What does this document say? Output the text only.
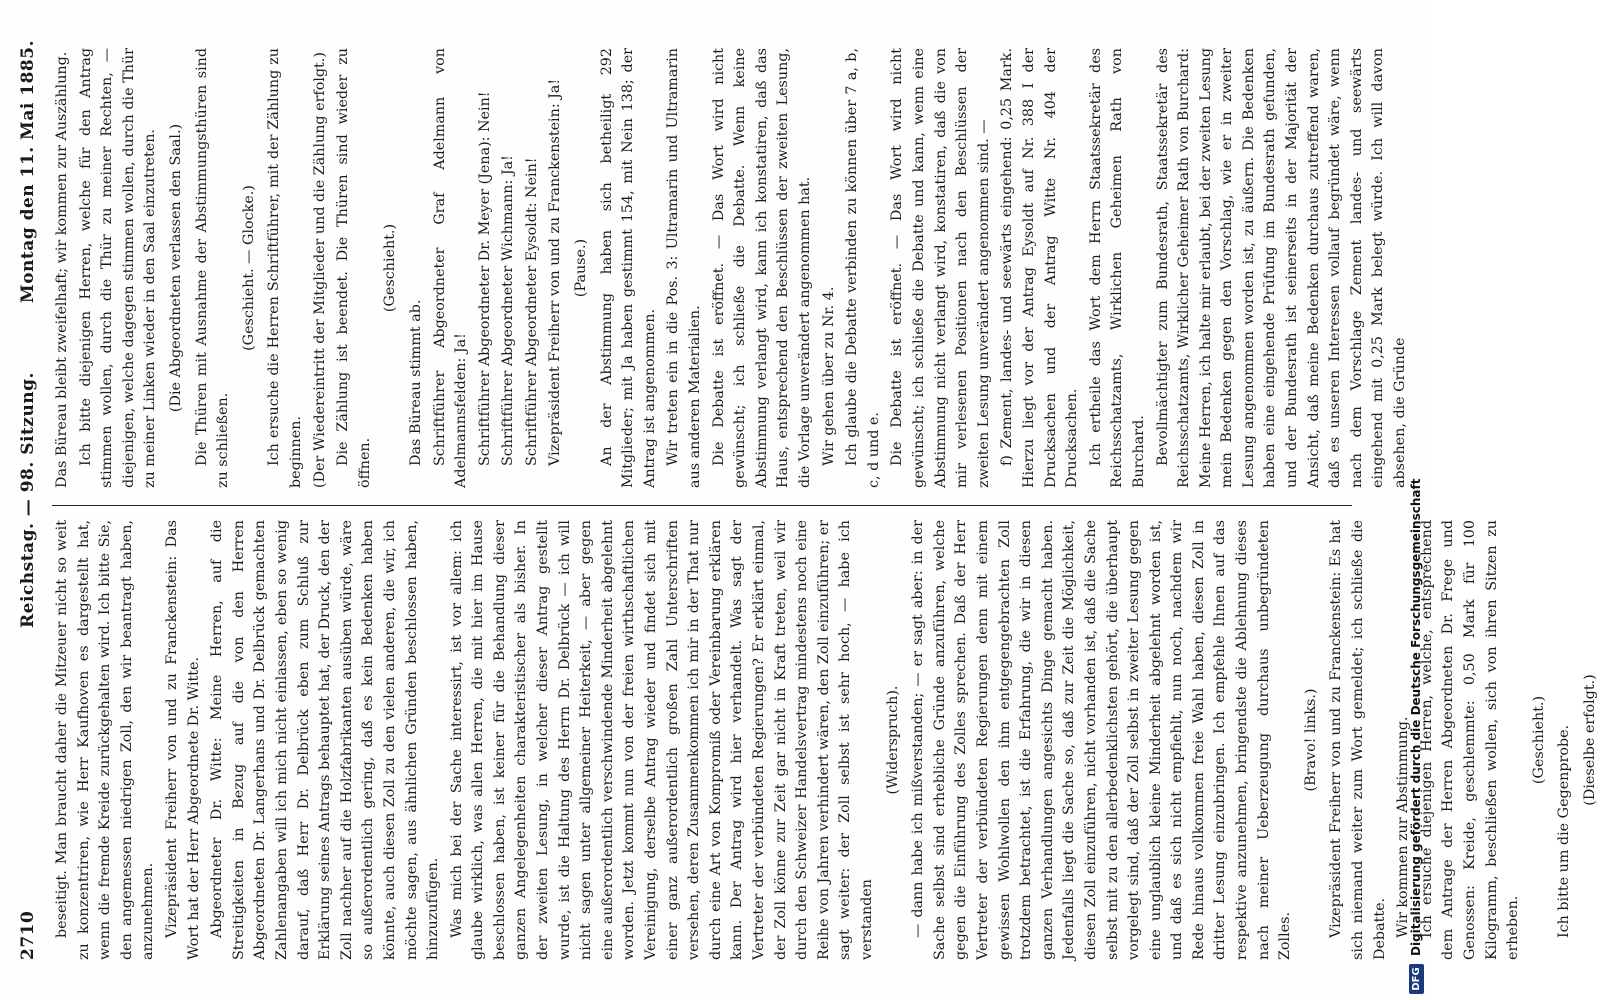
2710
Reichstag. — 98. Sitzung.
Montag den 11. Mai 1885.

beseitigt. Man braucht daher die Mitzeuer nicht so weit zu konzentriren, wie Herr Kaufhoven es dargestellt hat, wenn die fremde Kreide zurückgehalten wird. Ich bitte Sie, den angemessen niedrigen Zoll, den wir beantragt haben, anzunehmen. Vizepräsident Freiherr von und zu Franckenstein: Das Wort hat der Herr Abgeordnete Dr. Witte. Abgeordneter Dr. Witte: Meine Herren, auf die Streitigkeiten in Bezug auf die von den Herren Abgeordneten Dr. Langerhans und Dr. Delbrück gemachten Zahlenangaben will ich mich nicht einlassen, eben so wenig darauf, daß Herr Dr. Delbrück eben zum Schluß zur Erklärung seines Antrags behauptet hat, der Druck, den der Zoll nachher auf die Holzfabrikanten ausüben würde, wäre so außerordentlich gering, daß es kein Bedenken haben könnte, auch diesen Zoll zu den vielen anderen, die wir, ich möchte sagen, aus ähnlichen Gründen beschlossen haben, hinzuzufügen. Was mich bei der Sache interessirt, ist vor allem: ich glaube wirklich, was allen Herren, die mit hier im Hause beschlossen haben, ist keiner für die Behandlung dieser ganzen Angelegenheiten charakteristischer als bisher. In der zweiten Lesung, in welcher dieser Antrag gestellt wurde, ist die Haltung des Herrn Dr. Delbrück — ich will nicht sagen unter allgemeiner Heiterkeit, — aber gegen eine außerordentlich verschwindende Minderheit abgelehnt worden. Jetzt kommt nun von der freien wirthschaftlichen Vereinigung, derselbe Antrag wieder und findet sich mit einer ganz außerordentlich großen Zahl Unterschriften versehen, deren Zusammenkommen ich mir in der That nur durch eine Art von Kompromiß oder Vereinbarung erklären kann. Der Antrag wird hier verhandelt. Was sagt der Vertreter der verbündeten Regierungen? Er erklärt einmal, der Zoll könne zur Zeit gar nicht in Kraft treten, weil wir durch den Schweizer Handelsvertrag mindestens noch eine Reihe von Jahren verhindert wären, den Zoll einzuführen; er sagt weiter: der Zoll selbst ist sehr hoch, — habe ich verstanden

(Widerspruch). — dann habe ich mißverstanden; — er sagt aber: in der Sache selbst sind erhebliche Gründe anzuführen, welche gegen die Einführung des Zolles sprechen. Daß der Herr Vertreter der verbündeten Regierungen denn mit einem gewissen Wohlwollen den ihm entgegengebrachten Zoll trotzdem betrachtet, ist die Erfahrung, die wir in diesen ganzen Verhandlungen angesichts Dinge gemacht haben. Jedenfalls liegt die Sache so, daß zur Zeit die Möglichkeit, diesen Zoll einzuführen, nicht vorhanden ist, daß die Sache selbst mit zu den allerbedenklichsten gehört, die überhaupt vorgelegt sind, daß der Zoll selbst in zweiter Lesung gegen eine unglaublich kleine Minderheit abgelehnt worden ist, und daß es sich nicht empfiehlt, nun noch, nachdem wir Rede hinaus vollkommen freie Wahl haben, diesen Zoll in dritter Lesung einzubringen. Ich empfehle Ihnen auf das respektive anzunehmen, bringendste die Ablehnung dieses nach meiner Ueberzeugung durchaus unbegründeten Zolles.

(Bravo! links.) Vizepräsident Freiherr von und zu Franckenstein: Es hat sich niemand weiter zum Wort gemeldet; ich schließe die Debatte. Wir kommen zur Abstimmung. Ich ersuche diejenigen Herren, welche, entsprechend dem Antrage der Herren Abgeordneten Dr. Frege und Genossen: Kreide, geschlemmte: 0,50 Mark für 100 Kilogramm, beschließen wollen, sich von ihren Sitzen zu erheben.

(Geschieht.) Ich bitte um die Gegenprobe. (Dieselbe erfolgt.)

Das Büreau bleibt zweifelhaft; wir kommen zur Auszählung. Ich bitte diejenigen Herren, welche für den Antrag stimmen wollen, durch die Thür zu meiner Rechten, — diejenigen, welche dagegen stimmen wollen, durch die Thür zu meiner Linken wieder in den Saal einzutreten. (Die Abgeordneten verlassen den Saal.) Die Thüren mit Ausnahme der Abstimmungsthüren sind zu schließen.

(Geschieht. — Glocke.) Ich ersuche die Herren Schriftführer, mit der Zählung zu beginnen. (Der Wiedereintritt der Mitglieder und die Zählung erfolgt.) Die Zählung ist beendet. Die Thüren sind wieder zu öffnen.

(Geschieht.)

Das Büreau stimmt ab. Schriftführer Abgeordneter Graf Adelmann von Adelmannsfelden: Ja! Schriftführer Abgeordneter Dr. Meyer (Jena): Nein! Schriftführer Abgeordneter Wichmann: Ja! Schriftführer Abgeordneter Eysoldt: Nein! Vizepräsident Freiherr von und zu Franckenstein: Ja! (Pause.) An der Abstimmung haben sich betheiligt 292 Mitglieder; mit Ja haben gestimmt 154, mit Nein 138; der Antrag ist angenommen. Wir treten ein in die Pos. 3: Ultramarin und Ultramarin aus anderen Materialien. Die Debatte ist eröffnet. — Das Wort wird nicht gewünscht; ich schließe die Debatte. Wenn keine Abstimmung verlangt wird, kann ich konstatiren, daß das Haus, entsprechend den Beschlüssen der zweiten Lesung, die Vorlage unverändert angenommen hat. Wir gehen über zu Nr. 4. Ich glaube die Debatte verbinden zu können über 7 a, b, c, d und e. Die Debatte ist eröffnet. — Das Wort wird nicht gewünscht; ich schließe die Debatte und kann, wenn eine Abstimmung nicht verlangt wird, konstatiren, daß die von mir verlesenen Positionen nach den Beschlüssen der zweiten Lesung unverändert angenommen sind. — f) Zement, landes- und seewärts eingehend: 0,25 Mark. Hierzu liegt vor der Antrag Eysoldt auf Nr. 388 I der Drucksachen und der Antrag Witte Nr. 404 der Drucksachen. Ich ertheile das Wort dem Herrn Staatssekretär des Reichsschatzamts, Wirklichen Geheimen Rath von Burchard. Bevollmächtigter zum Bundesrath, Staatssekretär des Reichsschatzamts, Wirklicher Geheimer Rath von Burchard: Meine Herren, ich halte mir erlaubt, bei der zweiten Lesung mein Bedenken gegen den Vorschlag, wie er in zweiter Lesung angenommen worden ist, zu äußern. Die Bedenken haben eine eingehende Prüfung im Bundesrath gefunden, und der Bundesrath ist seinerseits in der Majorität der Ansicht, daß meine Bedenken durchaus zutreffend waren, daß es unseren Interessen vollauf begründet wäre, wenn nach dem Vorschlage Zement landes- und seewärts eingehend mit 0,25 Mark belegt würde. Ich will davon absehen, die Gründe

DFG
Digitalisierung gefördert durch die Deutsche Forschungsgemeinschaft
